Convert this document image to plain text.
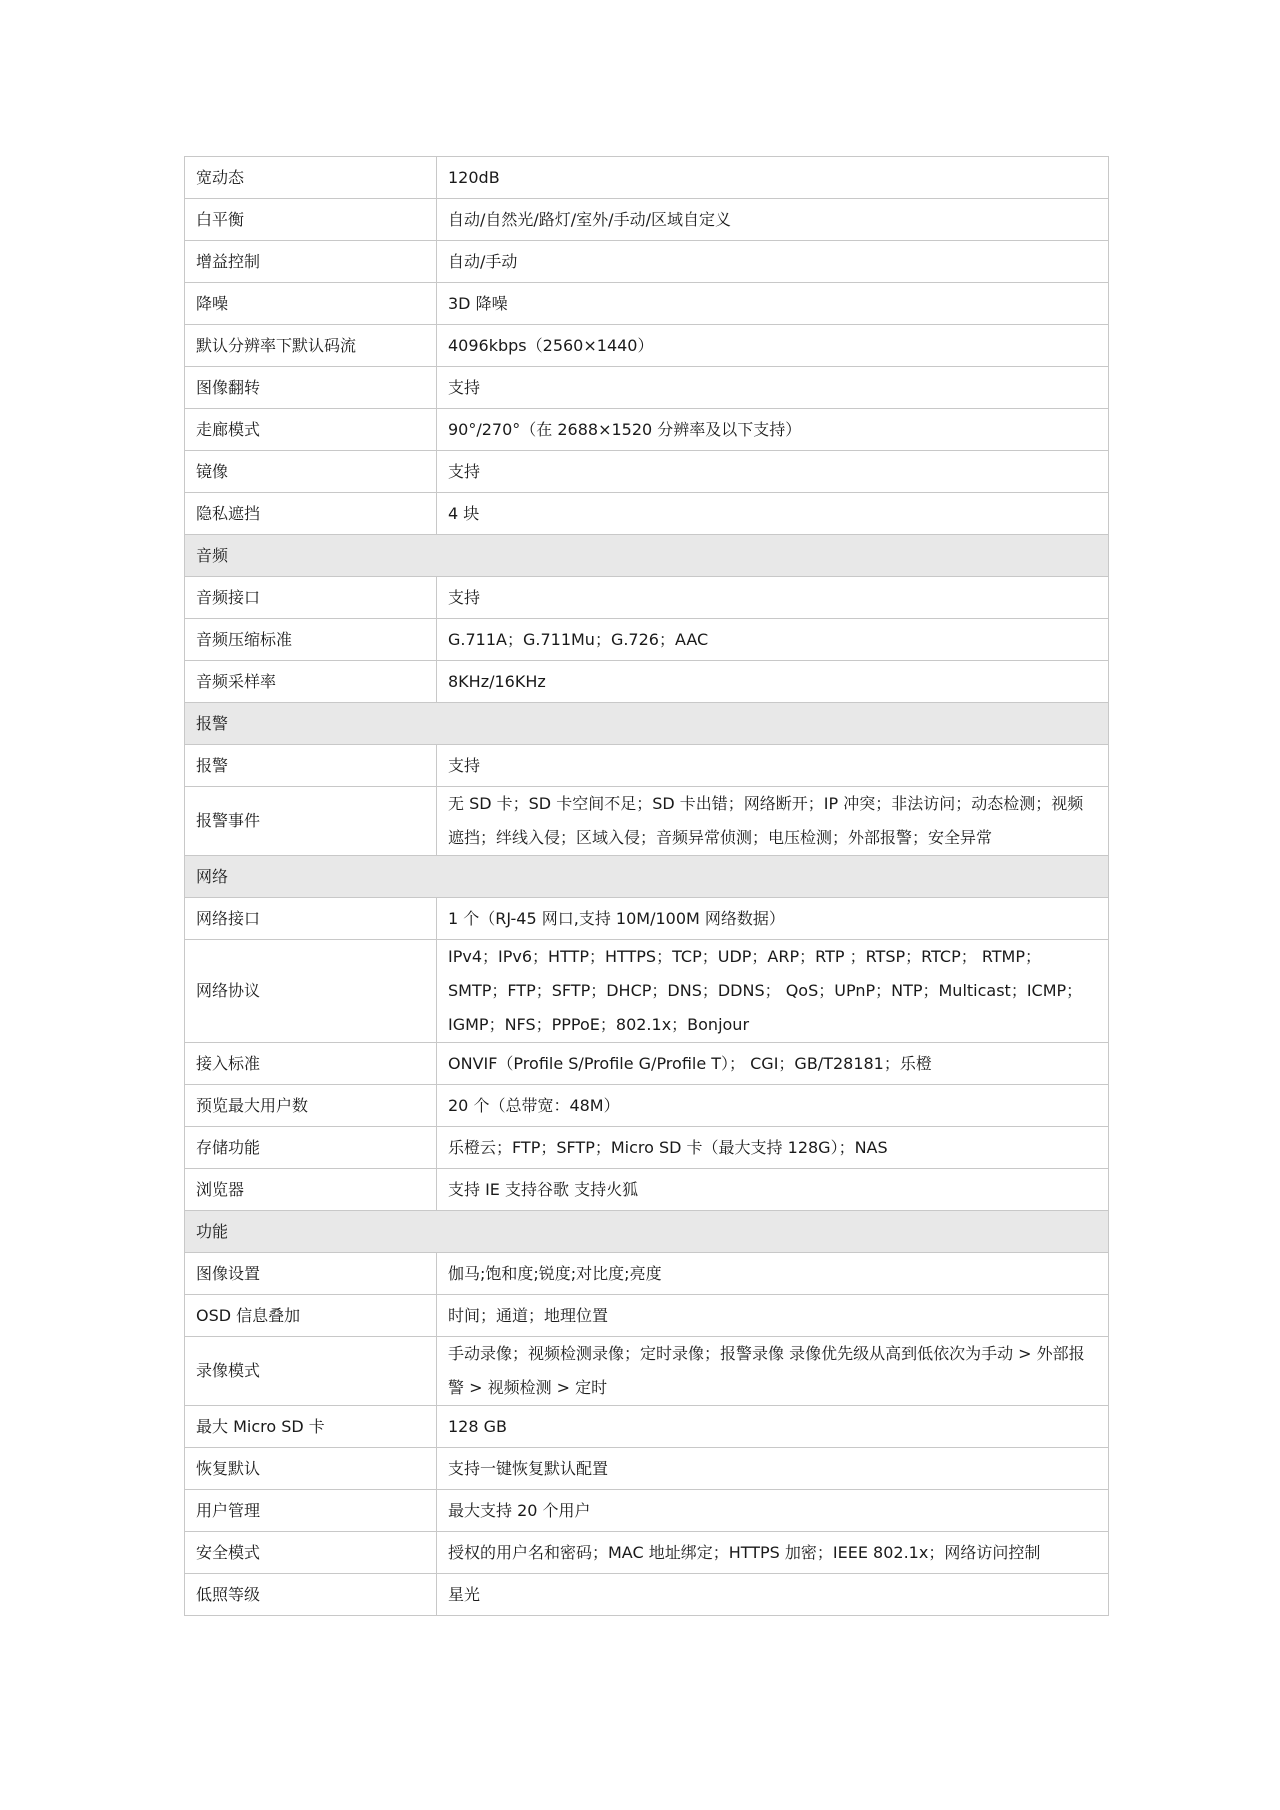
宽动态	120dB
白平衡	自动/自然光/路灯/室外/手动/区域自定义
增益控制	自动/手动
降噪	3D 降噪
默认分辨率下默认码流	4096kbps（2560×1440）
图像翻转	支持
走廊模式	90°/270°（在 2688×1520 分辨率及以下支持）
镜像	支持
隐私遮挡	4 块
音频	
音频接口	支持
音频压缩标准	G.711A；G.711Mu；G.726；AAC
音频采样率	8KHz/16KHz
报警	
报警	支持
报警事件	无 SD 卡；SD 卡空间不足；SD 卡出错；网络断开；IP 冲突；非法访问；动态检测；视频遮挡；绊线入侵；区域入侵；音频异常侦测；电压检测；外部报警；安全异常
网络	
网络接口	1 个（RJ-45 网口,支持 10M/100M 网络数据）
网络协议	IPv4；IPv6；HTTP；HTTPS；TCP；UDP；ARP；RTP ；RTSP；RTCP； RTMP；SMTP；FTP；SFTP；DHCP；DNS；DDNS； QoS；UPnP；NTP；Multicast；ICMP；IGMP；NFS；PPPoE；802.1x；Bonjour
接入标准	ONVIF（Profile S/Profile G/Profile T）； CGI；GB/T28181；乐橙
预览最大用户数	20 个（总带宽：48M）
存储功能	乐橙云；FTP；SFTP；Micro SD 卡（最大支持 128G）；NAS
浏览器	支持 IE 支持谷歌 支持火狐
功能	
图像设置	伽马;饱和度;锐度;对比度;亮度
OSD 信息叠加	时间；通道；地理位置
录像模式	手动录像；视频检测录像；定时录像；报警录像 录像优先级从高到低依次为手动 > 外部报警 > 视频检测 > 定时
最大 Micro SD 卡	128 GB
恢复默认	支持一键恢复默认配置
用户管理	最大支持 20 个用户
安全模式	授权的用户名和密码；MAC 地址绑定；HTTPS 加密；IEEE 802.1x；网络访问控制
低照等级	星光
